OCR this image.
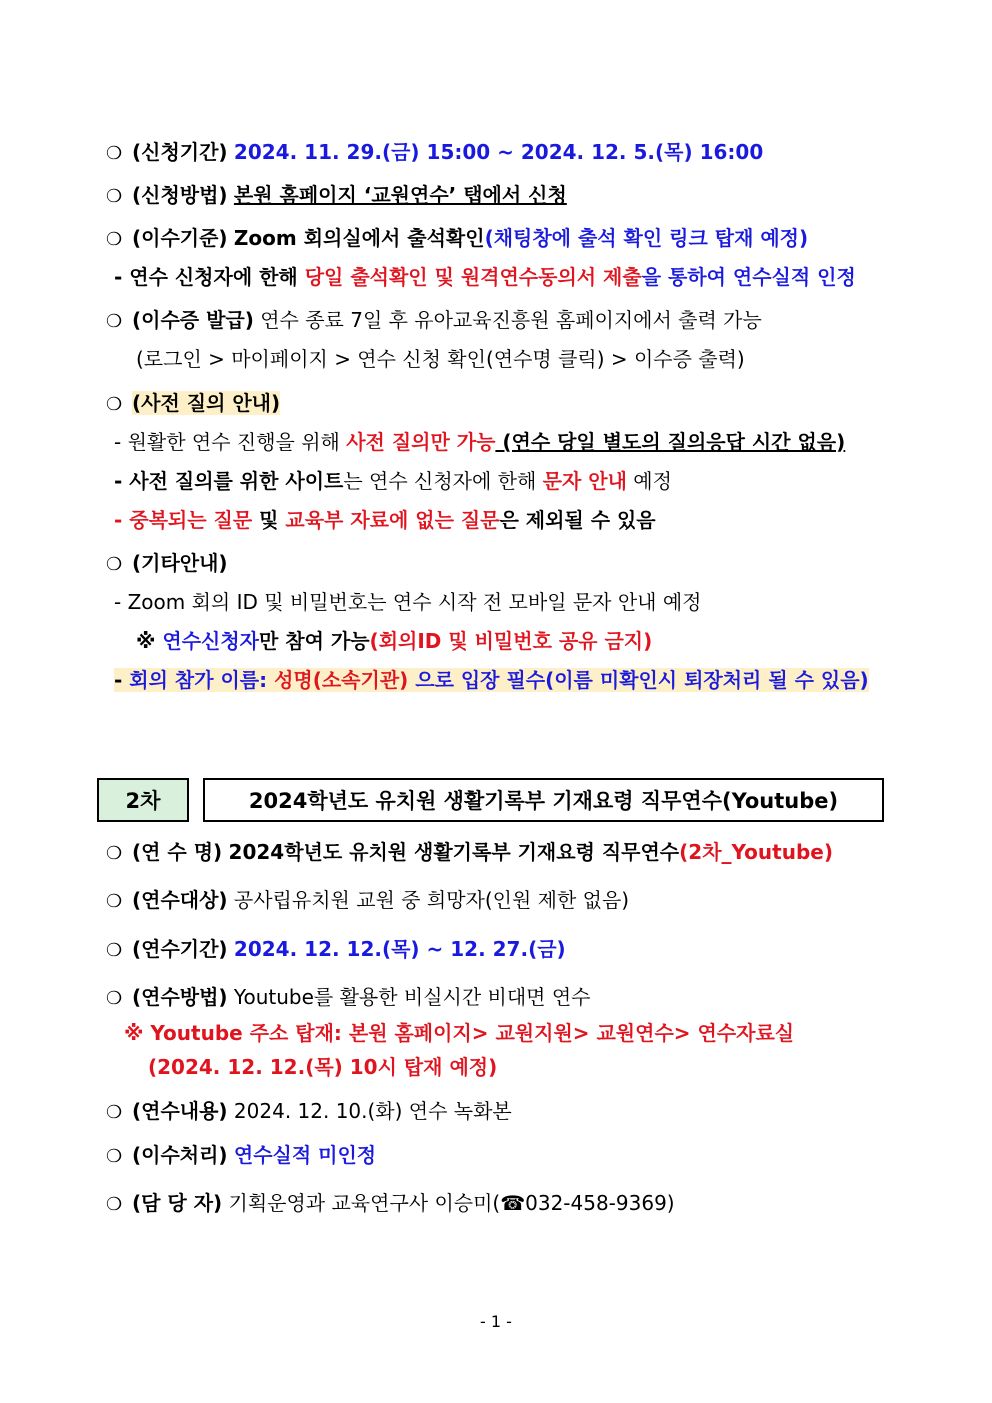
❍ (신청기간) 2024. 11. 29.(금) 15:00 ~ 2024. 12. 5.(목) 16:00
❍ (신청방법) 본원 홈페이지 ‘교원연수’ 탭에서 신청
❍ (이수기준) Zoom 회의실에서 출석확인(채팅창에 출석 확인 링크 탑재 예정)
- 연수 신청자에 한해 당일 출석확인 및 원격연수동의서 제출을 통하여 연수실적 인정
❍ (이수증 발급) 연수 종료 7일 후 유아교육진흥원 홈페이지에서 출력 가능
(로그인 > 마이페이지 > 연수 신청 확인(연수명 클릭) > 이수증 출력)
❍ (사전 질의 안내)
- 원활한 연수 진행을 위해 사전 질의만 가능 (연수 당일 별도의 질의응답 시간 없음)
- 사전 질의를 위한 사이트는 연수 신청자에 한해 문자 안내 예정
- 중복되는 질문 및 교육부 자료에 없는 질문은 제외될 수 있음
❍ (기타안내)
- Zoom 회의 ID 및 비밀번호는 연수 시작 전 모바일 문자 안내 예정
※ 연수신청자만 참여 가능(회의ID 및 비밀번호 공유 금지)
- 회의 참가 이름: 성명(소속기관) 으로 입장 필수(이름 미확인시 퇴장처리 될 수 있음)
2차	2024학년도 유치원 생활기록부 기재요령 직무연수(Youtube)
❍ (연 수 명) 2024학년도 유치원 생활기록부 기재요령 직무연수(2차_Youtube)
❍ (연수대상) 공사립유치원 교원 중 희망자(인원 제한 없음)
❍ (연수기간) 2024. 12. 12.(목) ~ 12. 27.(금)
❍ (연수방법) Youtube를 활용한 비실시간 비대면 연수
※ Youtube 주소 탑재: 본원 홈페이지> 교원지원> 교원연수> 연수자료실
(2024. 12. 12.(목) 10시 탑재 예정)
❍ (연수내용) 2024. 12. 10.(화) 연수 녹화본
❍ (이수처리) 연수실적 미인정
❍ (담 당 자) 기획운영과 교육연구사 이승미(☎032-458-9369)
- 1 -
